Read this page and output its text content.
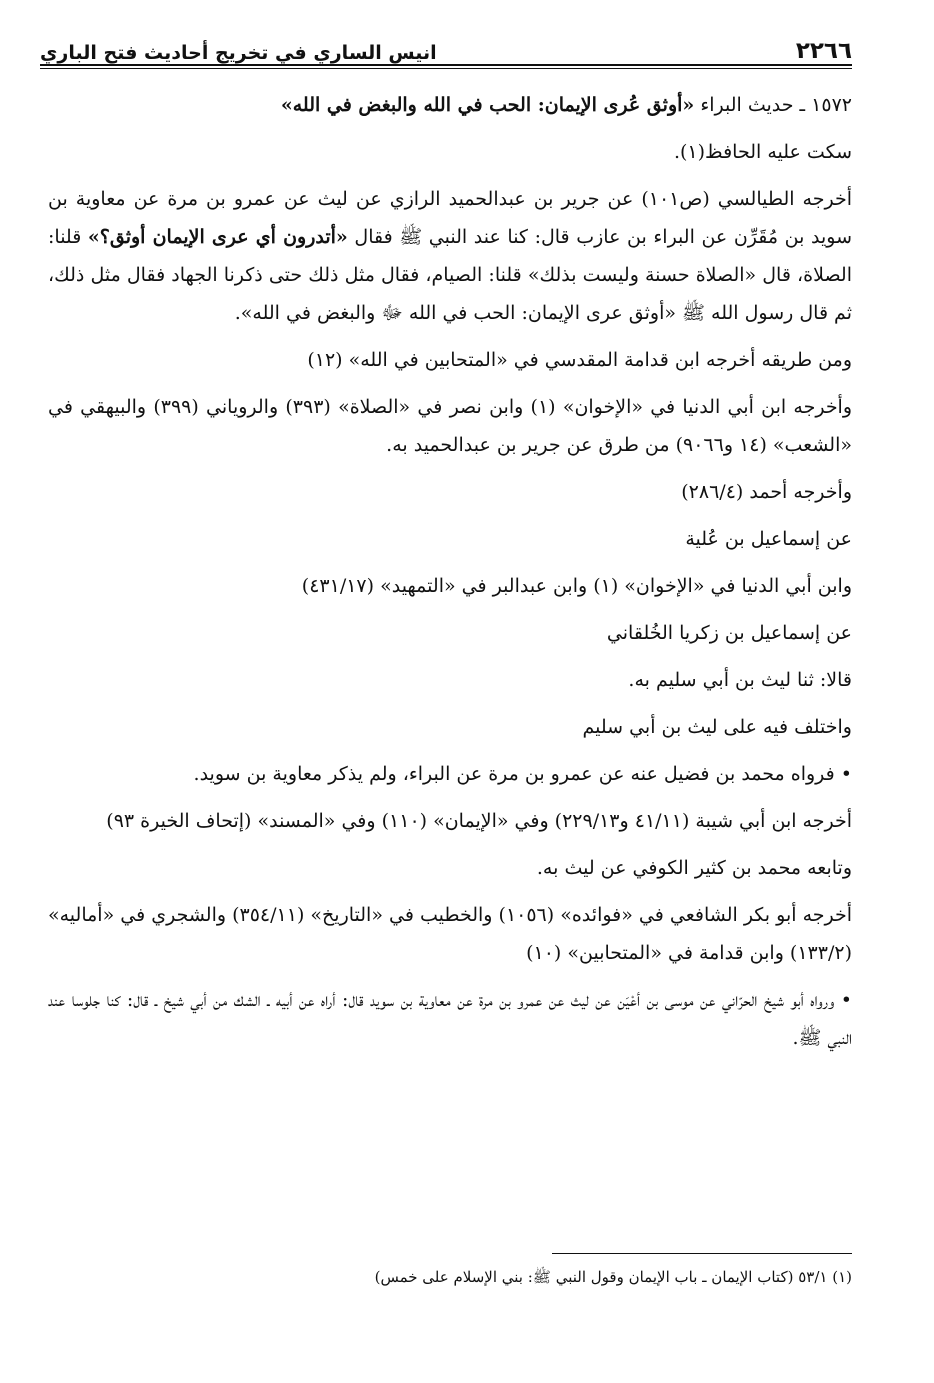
٢٢٦٦
انيس الساري في تخريج أحاديث فتح الباري

١٥٧٢ ـ حديث البراء «أوثق عُرى الإيمان: الحب في الله والبغض في الله»

سكت عليه الحافظ(١).

أخرجه الطيالسي (ص١٠١) عن جرير بن عبدالحميد الرازي عن ليث عن عمرو بن مرة عن معاوية بن سويد بن مُقَرِّن عن البراء بن عازب قال: كنا عند النبي ﷺ فقال «أتدرون أي عرى الإيمان أوثق؟» قلنا: الصلاة، قال «الصلاة حسنة وليست بذلك» قلنا: الصيام، فقال مثل ذلك حتى ذكرنا الجهاد فقال مثل ذلك، ثم قال رسول الله ﷺ «أوثق عرى الإيمان: الحب في الله ﷻ والبغض في الله».

ومن طريقه أخرجه ابن قدامة المقدسي في «المتحابين في الله» (١٢)

وأخرجه ابن أبي الدنيا في «الإخوان» (١) وابن نصر في «الصلاة» (٣٩٣) والروياني (٣٩٩) والبيهقي في «الشعب» (١٤ و٩٠٦٦) من طرق عن جرير بن عبدالحميد به.

وأخرجه أحمد (٢٨٦/٤)

عن إسماعيل بن عُلية

وابن أبي الدنيا في «الإخوان» (١) وابن عبدالبر في «التمهيد» (٤٣١/١٧)

عن إسماعيل بن زكريا الخُلقاني

قالا: ثنا ليث بن أبي سليم به.

واختلف فيه على ليث بن أبي سليم

• فرواه محمد بن فضيل عنه عن عمرو بن مرة عن البراء، ولم يذكر معاوية بن سويد.

أخرجه ابن أبي شيبة (٤١/١١ و٢٢٩/١٣) وفي «الإيمان» (١١٠) وفي «المسند» (إتحاف الخيرة ٩٣)

وتابعه محمد بن كثير الكوفي عن ليث به.

أخرجه أبو بكر الشافعي في «فوائده» (١٠٥٦) والخطيب في «التاريخ» (٣٥٤/١١) والشجري في «أماليه» (١٣٣/٢) وابن قدامة في «المتحابين» (١٠)

• ورواه أبو شيخ الحرّاني عن موسى بن أعْيَن عن ليث عن عمرو بن مرة عن معاوية بن سويد قال: أراه عن أبيه ـ الشك من أبي شيخ ـ قال: كنا جلوسا عند النبي ﷺ.

(١) ٥٣/١ (كتاب الإيمان ـ باب الإيمان وقول النبي ﷺ: بني الإسلام على خمس)
